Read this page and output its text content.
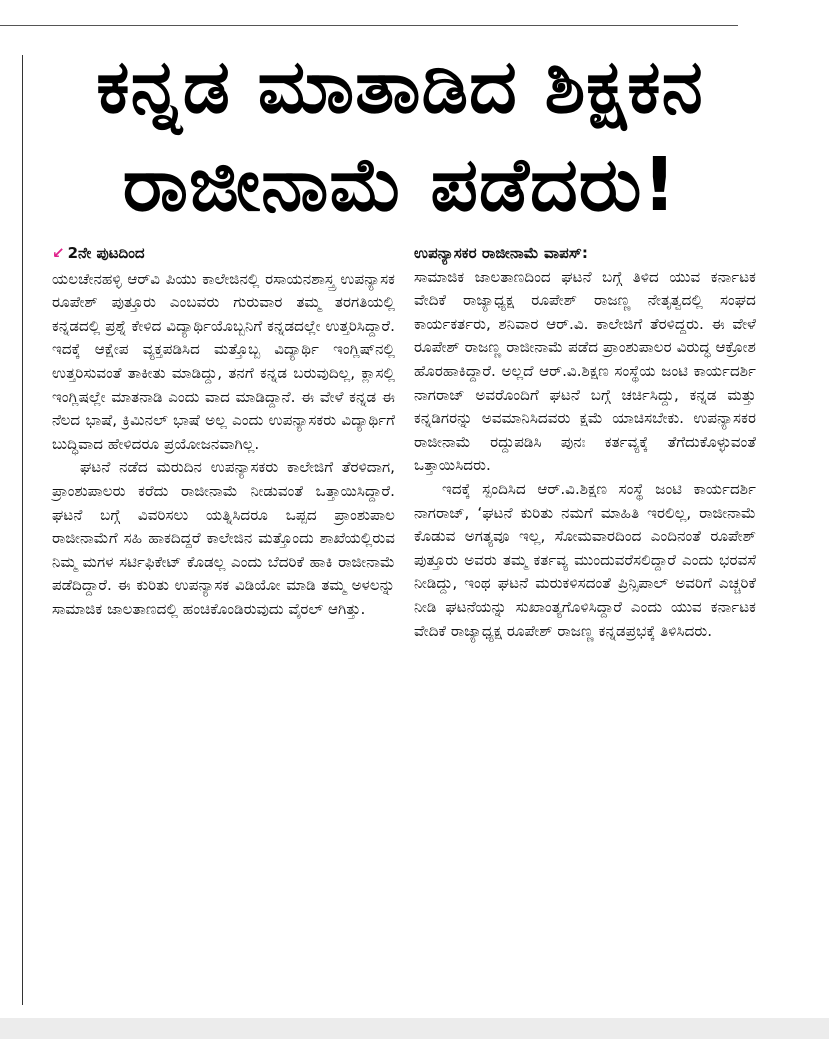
ಕನ್ನಡ ಮಾತಾಡಿದ ಶಿಕ್ಷಕನ
ರಾಜೀನಾಮೆ ಪಡೆದರು!
↙ 2ನೇ ಪುಟದಿಂದ

ಯಲಚೇನಹಳ್ಳಿ ಆರ್‌ವಿ ಪಿಯು ಕಾಲೇಜಿನಲ್ಲಿ ರಸಾಯನಶಾಸ್ತ್ರ ಉಪನ್ಯಾಸಕ ರೂಪೇಶ್ ಪುತ್ತೂರು ಎಂಬವರು ಗುರುವಾರ ತಮ್ಮ ತರಗತಿಯಲ್ಲಿ ಕನ್ನಡದಲ್ಲಿ ಪ್ರಶ್ನೆ ಕೇಳಿದ ವಿದ್ಯಾರ್ಥಿಯೊಬ್ಬನಿಗೆ ಕನ್ನಡದಲ್ಲೇ ಉತ್ತರಿಸಿದ್ದಾರೆ. ಇದಕ್ಕೆ ಆಕ್ಷೇಪ ವ್ಯಕ್ತಪಡಿಸಿದ ಮತ್ತೊಬ್ಬ ವಿದ್ಯಾರ್ಥಿ ಇಂಗ್ಲಿಷ್‌ನಲ್ಲಿ ಉತ್ತರಿಸುವಂತೆ ತಾಕೀತು ಮಾಡಿದ್ದು, ತನಗೆ ಕನ್ನಡ ಬರುವುದಿಲ್ಲ, ಕ್ಲಾಸಲ್ಲಿ ಇಂಗ್ಲಿಷಲ್ಲೇ ಮಾತನಾಡಿ ಎಂದು ವಾದ ಮಾಡಿದ್ದಾನೆ. ಈ ವೇಳೆ ಕನ್ನಡ ಈ ನೆಲದ ಭಾಷೆ, ಕ್ರಿಮಿನಲ್ ಭಾಷೆ ಅಲ್ಲ ಎಂದು ಉಪನ್ಯಾಸಕರು ವಿದ್ಯಾರ್ಥಿಗೆ ಬುದ್ಧಿವಾದ ಹೇಳಿದರೂ ಪ್ರಯೋಜನವಾಗಿಲ್ಲ.

ಘಟನೆ ನಡೆದ ಮರುದಿನ ಉಪನ್ಯಾಸಕರು ಕಾಲೇಜಿಗೆ ತೆರಳಿದಾಗ, ಪ್ರಾಂಶುಪಾಲರು ಕರೆದು ರಾಜೀನಾಮೆ ನೀಡುವಂತೆ ಒತ್ತಾಯಿಸಿದ್ದಾರೆ. ಘಟನೆ ಬಗ್ಗೆ ವಿವರಿಸಲು ಯತ್ನಿಸಿದರೂ ಒಪ್ಪದ ಪ್ರಾಂಶುಪಾಲ ರಾಜೀನಾಮೆಗೆ ಸಹಿ ಹಾಕದಿದ್ದರೆ ಕಾಲೇಜಿನ ಮತ್ತೊಂದು ಶಾಖೆಯಲ್ಲಿರುವ ನಿಮ್ಮ ಮಗಳ ಸರ್ಟಿಫಿಕೇಟ್ ಕೊಡಲ್ಲ ಎಂದು ಬೆದರಿಕೆ ಹಾಕಿ ರಾಜೀನಾಮೆ ಪಡೆದಿದ್ದಾರೆ. ಈ ಕುರಿತು ಉಪನ್ಯಾಸಕ ವಿಡಿಯೋ ಮಾಡಿ ತಮ್ಮ ಅಳಲನ್ನು ಸಾಮಾಜಿಕ ಜಾಲತಾಣದಲ್ಲಿ ಹಂಚಿಕೊಂಡಿರುವುದು ವೈರಲ್ ಆಗಿತ್ತು.

ಉಪನ್ಯಾಸಕರ ರಾಜೀನಾಮೆ ವಾಪಸ್:

ಸಾಮಾಜಿಕ ಜಾಲತಾಣದಿಂದ ಘಟನೆ ಬಗ್ಗೆ ತಿಳಿದ ಯುವ ಕರ್ನಾಟಕ ವೇದಿಕೆ ರಾಜ್ಯಾಧ್ಯಕ್ಷ ರೂಪೇಶ್ ರಾಜಣ್ಣ ನೇತೃತ್ವದಲ್ಲಿ ಸಂಘದ ಕಾರ್ಯಕರ್ತರು, ಶನಿವಾರ ಆರ್.ವಿ. ಕಾಲೇಜಿಗೆ ತೆರಳಿದ್ದರು. ಈ ವೇಳೆ ರೂಪೇಶ್ ರಾಜಣ್ಣ ರಾಜೀನಾಮೆ ಪಡೆದ ಪ್ರಾಂಶುಪಾಲರ ವಿರುದ್ಧ ಆಕ್ರೋಶ ಹೊರಹಾಕಿದ್ದಾರೆ. ಅಲ್ಲದೆ ಆರ್.ವಿ.ಶಿಕ್ಷಣ ಸಂಸ್ಥೆಯ ಜಂಟಿ ಕಾರ್ಯದರ್ಶಿ ನಾಗರಾಜ್ ಅವರೊಂದಿಗೆ ಘಟನೆ ಬಗ್ಗೆ ಚರ್ಚಿಸಿದ್ದು, ಕನ್ನಡ ಮತ್ತು ಕನ್ನಡಿಗರನ್ನು ಅವಮಾನಿಸಿದವರು ಕ್ಷಮೆ ಯಾಚಿಸಬೇಕು. ಉಪನ್ಯಾಸಕರ ರಾಜೀನಾಮೆ ರದ್ದುಪಡಿಸಿ ಪುನಃ ಕರ್ತವ್ಯಕ್ಕೆ ತೆಗೆದುಕೊಳ್ಳುವಂತೆ ಒತ್ತಾಯಿಸಿದರು.

ಇದಕ್ಕೆ ಸ್ಪಂದಿಸಿದ ಆರ್.ವಿ.ಶಿಕ್ಷಣ ಸಂಸ್ಥೆ ಜಂಟಿ ಕಾರ್ಯದರ್ಶಿ ನಾಗರಾಜ್, ‘ಘಟನೆ ಕುರಿತು ನಮಗೆ ಮಾಹಿತಿ ಇರಲಿಲ್ಲ, ರಾಜೀನಾಮೆ ಕೊಡುವ ಅಗತ್ಯವೂ ಇಲ್ಲ, ಸೋಮವಾರದಿಂದ ಎಂದಿನಂತೆ ರೂಪೇಶ್ ಪುತ್ತೂರು ಅವರು ತಮ್ಮ ಕರ್ತವ್ಯ ಮುಂದುವರೆಸಲಿದ್ದಾರೆ ಎಂದು ಭರವಸೆ ನೀಡಿದ್ದು, ಇಂಥ ಘಟನೆ ಮರುಕಳಿಸದಂತೆ ಪ್ರಿನ್ಸಿಪಾಲ್ ಅವರಿಗೆ ಎಚ್ಚರಿಕೆ ನೀಡಿ ಘಟನೆಯನ್ನು ಸುಖಾಂತ್ಯಗೊಳಿಸಿದ್ದಾರೆ ಎಂದು ಯುವ ಕರ್ನಾಟಕ ವೇದಿಕೆ ರಾಜ್ಯಾಧ್ಯಕ್ಷ ರೂಪೇಶ್ ರಾಜಣ್ಣ ಕನ್ನಡಪ್ರಭಕ್ಕೆ ತಿಳಿಸಿದರು.
